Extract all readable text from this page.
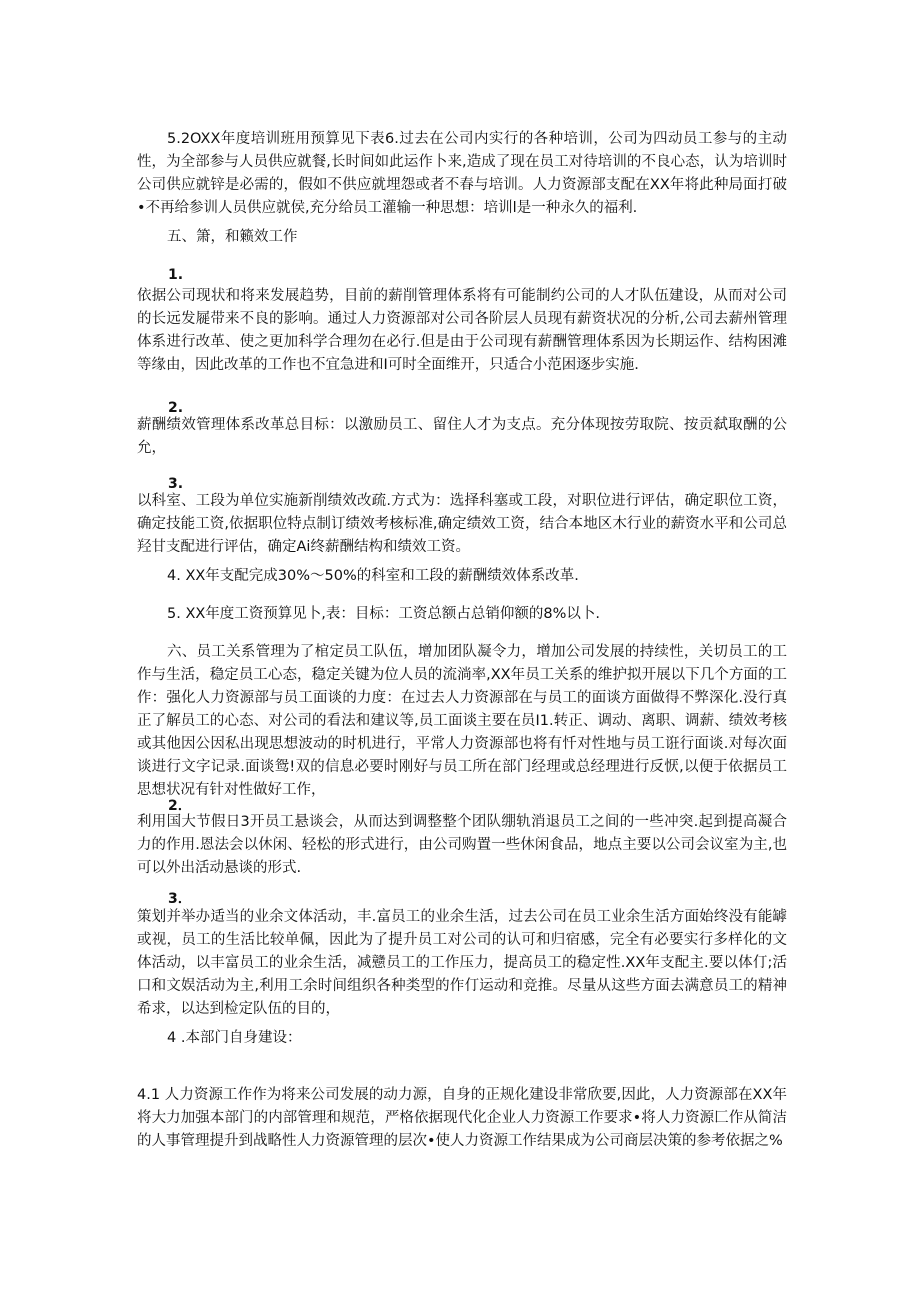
5.2OXX年度培训班用预算见下表6.过去在公司内实行的各种培训，公司为四动员工参与的主动性，为全部参与人员供应就餐,长时间如此运作卜来,造成了现在员工对待培训的不良心态，认为培训时公司供应就锌是必需的，假如不供应就埋怨或者不春与培训。人力资源部支配在XX年将此种局面打破•不再给参训人员供应就侯,充分给员工灌输一种思想：培训l是一种永久的福利.

五、箫，和籁效工作

1.

依据公司现状和将来发展趋势，目前的薪削管理体系将有可能制约公司的人才队伍建设，从而对公司的长远发屣带来不良的影响。通过人力资源部对公司各阶层人员现有薪资状况的分析,公司去薪州管理体系进行改革、使之更加科学合理勿在必行.但是由于公司现有薪酬管理体系因为长期运作、结构困滩等缘由，因此改革的工作也不宜急进和I可时全面维开，只适合小范困逐步实施.

2.

薪酬绩效管理体系改革总目标：以激励员工、留住人才为支点。充分体现按劳取院、按贡弑取酬的公允，

3.

以科室、工段为单位实施新削绩效改疏.方式为：选择科塞或工段，对职位进行评估，确定职位工资，确定技能工资,依据职位特点制订绩效考核标准,确定绩效工资，结合本地区木行业的薪资水平和公司总羟甘支配进行评估，确定Ai终薪酬结构和绩效工资。

4. XX年支配完成30%〜50%的科室和工段的薪酬绩效体系改革.

5. XX年度工资预算见卜,表：目标：工资总额占总销仰额的8%以卜.

六、员工关系管理为了棺定员工队伍，增加团队凝令力，增加公司发展的持续性，关切员工的工作与生活，稳定员工心态，稳定关键为位人员的流淌率,XX年员工关系的维护拟开展以下几个方面的工作：强化人力资源部与员工面谈的力度：在过去人力资源部在与员工的面谈方面做得不弊深化.没行真正了解员工的心态、对公司的看法和建议等,员工面谈主要在员I1.转正、调动、离职、调薪、绩效考核或其他因公因私出现思想波动的时机进行，平常人力资源部也将有忏对性地与员工诳行面谈.对每次面谈进行文字记录.面谈鸳!双的信息必要时刚好与员工所在部门经理或总经理进行反恹,以便于依据员工思想状况有针对性做好工作，

2．

利用国大节假日3开员工悬谈会，从而达到调整整个团队绷轨消退员工之间的一些冲突.起到提高凝合力的作用.恩法会以休闲、轻松的形式进行，由公司购置一些休闲食品，地点主要以公司会议室为主,也可以外出活动悬谈的形式.

3．

策划并举办适当的业余文体活动，丰.富员工的业余生活，过去公司在员工业余生活方面始终没有能罅或视，员工的生活比较单佩，因此为了提升员工对公司的认可和归宿感，完全有必要实行多样化的文体活动，以丰富员工的业余生活，减戆员工的工作压力，提高员工的稳定性.XX年支配主.要以体仃;活口和文娱活动为主,利用工余时间组织各种类型的作仃运动和竞推。尽量从这些方面去满意员工的精神希求，以达到检定队伍的目的，

4 .本部门自身建设：

4.1 人力资源工作作为将来公司发展的动力源，自身的正规化建设非常欣要,因此，人力资源部在XX年将大力加强本部门的内部管理和规范，严格依据现代化企业人力资源工作要求•将人力资源匚作从简洁的人事管理提升到战略性人力资源管理的层次•使人力资源工作结果成为公司商层决策的参考依据之%
